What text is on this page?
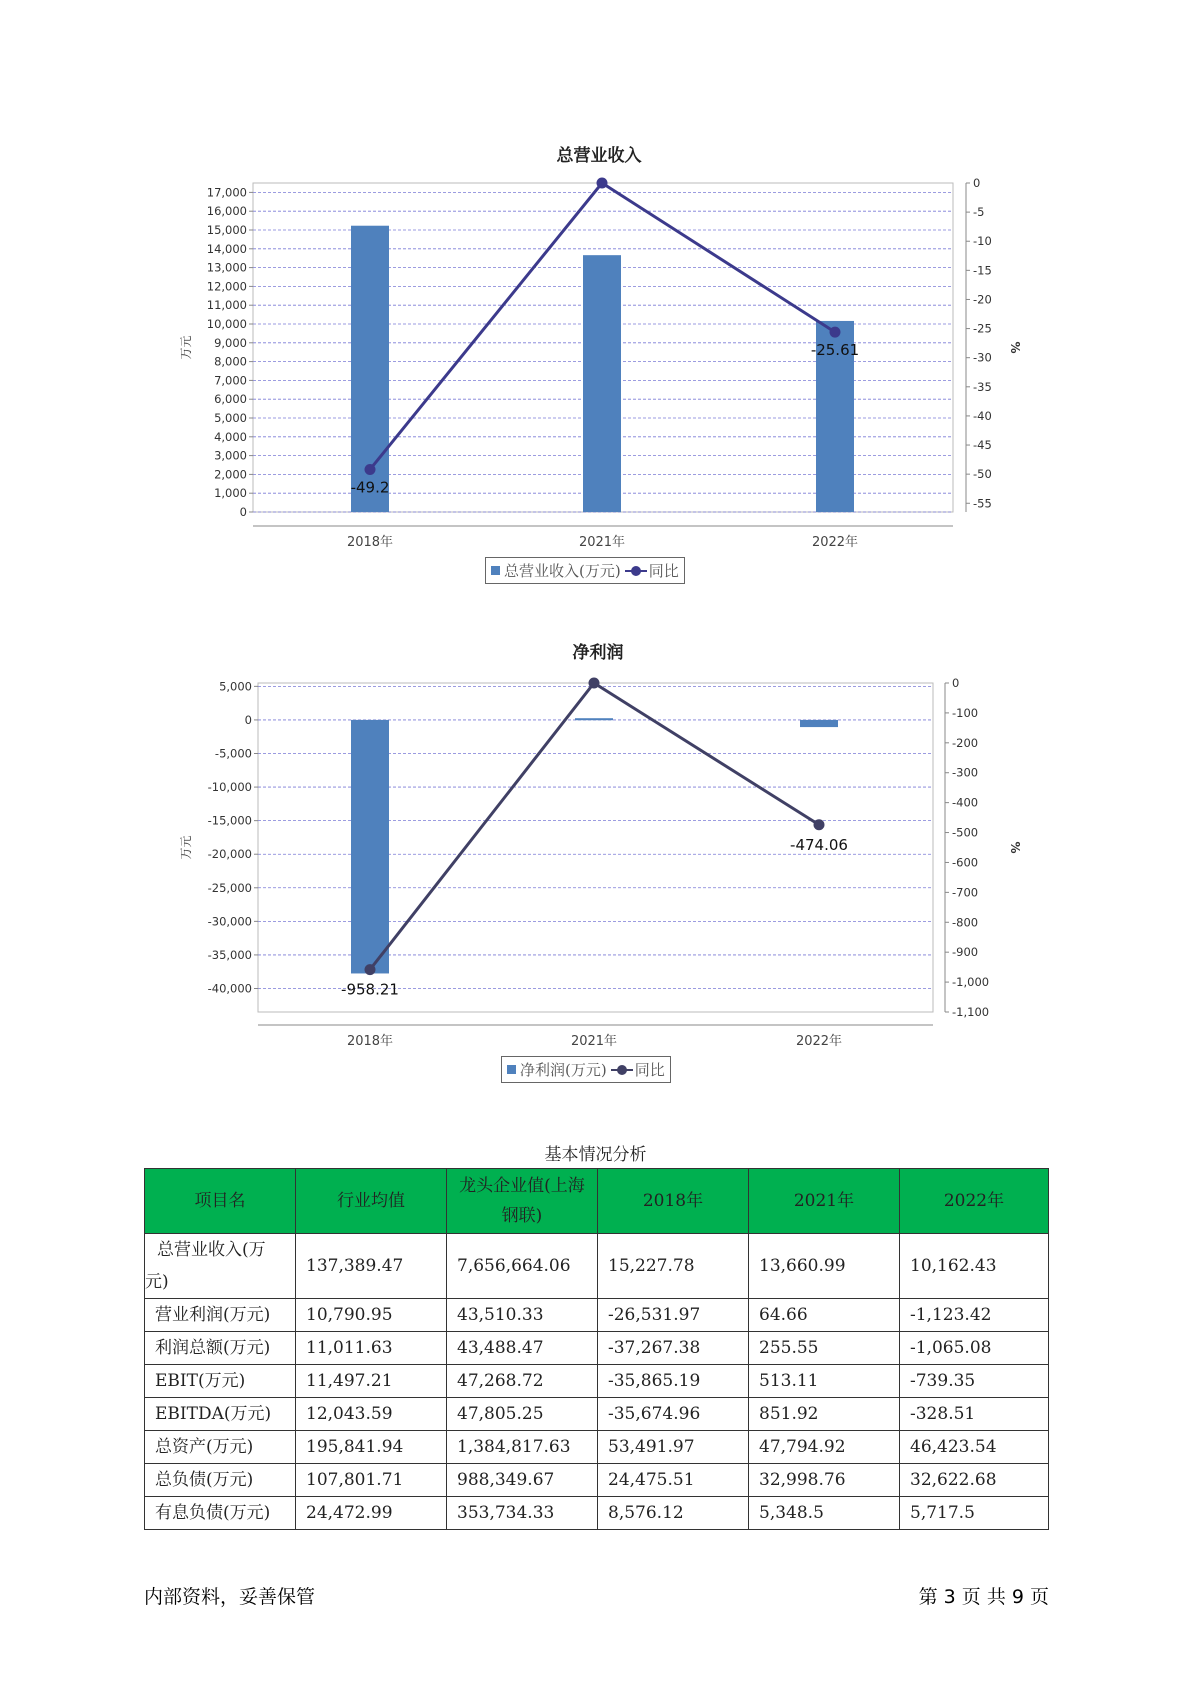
总营业收入
0
1,000
2,000
3,000
4,000
5,000
6,000
7,000
8,000
9,000
10,000
11,000
12,000
13,000
14,000
15,000
16,000
17,000
0
-5
-10
-15
-20
-25
-30
-35
-40
-45
-50
-55
万元	%
2018年	2021年	2022年
-49.2
-25.61
总营业收入(万元) 同比
净利润
5,000
0
-5,000
-10,000
-15,000
-20,000
-25,000
-30,000
-35,000
-40,000
0
-100
-200
-300
-400
-500
-600
-700
-800
-900
-1,000
-1,100
万元	%
2018年	2021年	2022年
-958.21
-474.06
净利润(万元) 同比
基本情况分析
项目名	行业均值	龙头企业值(上海钢联)	2018年	2021年	2022年

总营业收入(万
元)	137,389.47	7,656,664.06	15,227.78	13,660.99	10,162.43
营业利润(万元)	10,790.95	43,510.33	-26,531.97	64.66	-1,123.42
利润总额(万元)	11,011.63	43,488.47	-37,267.38	255.55	-1,065.08
EBIT(万元)	11,497.21	47,268.72	-35,865.19	513.11	-739.35
EBITDA(万元)	12,043.59	47,805.25	-35,674.96	851.92	-328.51
总资产(万元)	195,841.94	1,384,817.63	53,491.97	47,794.92	46,423.54
总负债(万元)	107,801.71	988,349.67	24,475.51	32,998.76	32,622.68
有息负债(万元)	24,472.99	353,734.33	8,576.12	5,348.5	5,717.5
内部资料，妥善保管	第 3 页 共 9 页
